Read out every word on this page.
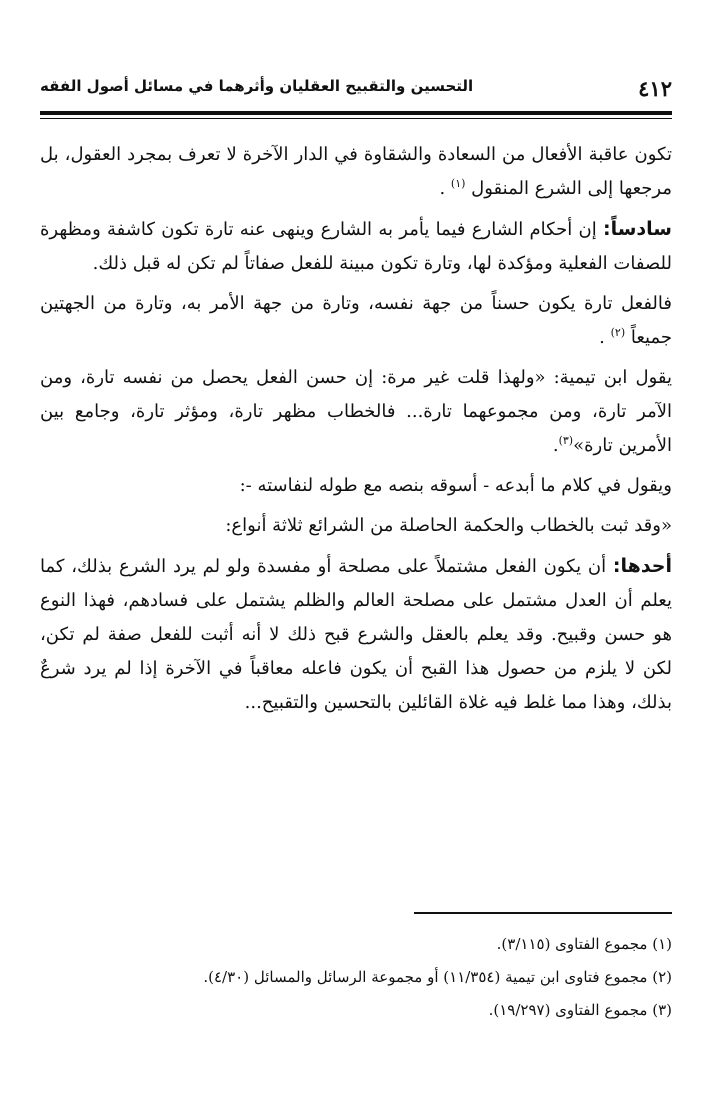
٤١٢
التحسين والتقبيح العقليان وأثرهما في مسائل أصول الفقه

تكون عاقبة الأفعال من السعادة والشقاوة في الدار الآخرة لا تعرف بمجرد العقول، بل مرجعها إلى الشرع المنقول $^{(١)}$ .

سادساً: إن أحكام الشارع فيما يأمر به الشارع وينهى عنه تارة تكون كاشفة ومظهرة للصفات الفعلية ومؤكدة لها، وتارة تكون مبينة للفعل صفاتاً لم تكن له قبل ذلك.

فالفعل تارة يكون حسناً من جهة نفسه، وتارة من جهة الأمر به، وتارة من الجهتين جميعاً $^{(٢)}$ .

يقول ابن تيمية: «ولهذا قلت غير مرة: إن حسن الفعل يحصل من نفسه تارة، ومن الآمر تارة، ومن مجموعهما تارة... فالخطاب مظهر تارة، ومؤثر تارة، وجامع بين الأمرين تارة»$^{(٣)}$.

ويقول في كلام ما أبدعه - أسوقه بنصه مع طوله لنفاسته -:

«وقد ثبت بالخطاب والحكمة الحاصلة من الشرائع ثلاثة أنواع:

أحدها: أن يكون الفعل مشتملاً على مصلحة أو مفسدة ولو لم يرد الشرع بذلك، كما يعلم أن العدل مشتمل على مصلحة العالم والظلم يشتمل على فسادهم، فهذا النوع هو حسن وقبيح. وقد يعلم بالعقل والشرع قبح ذلك لا أنه أثبت للفعل صفة لم تكن، لكن لا يلزم من حصول هذا القبح أن يكون فاعله معاقباً في الآخرة إذا لم يرد شرعٌ بذلك، وهذا مما غلط فيه غلاة القائلين بالتحسين والتقبيح...

(١) مجموع الفتاوى (٣/١١٥).
(٢) مجموع فتاوى ابن تيمية (١١/٣٥٤) أو مجموعة الرسائل والمسائل (٤/٣٠).
(٣) مجموع الفتاوى (١٩/٢٩٧).
